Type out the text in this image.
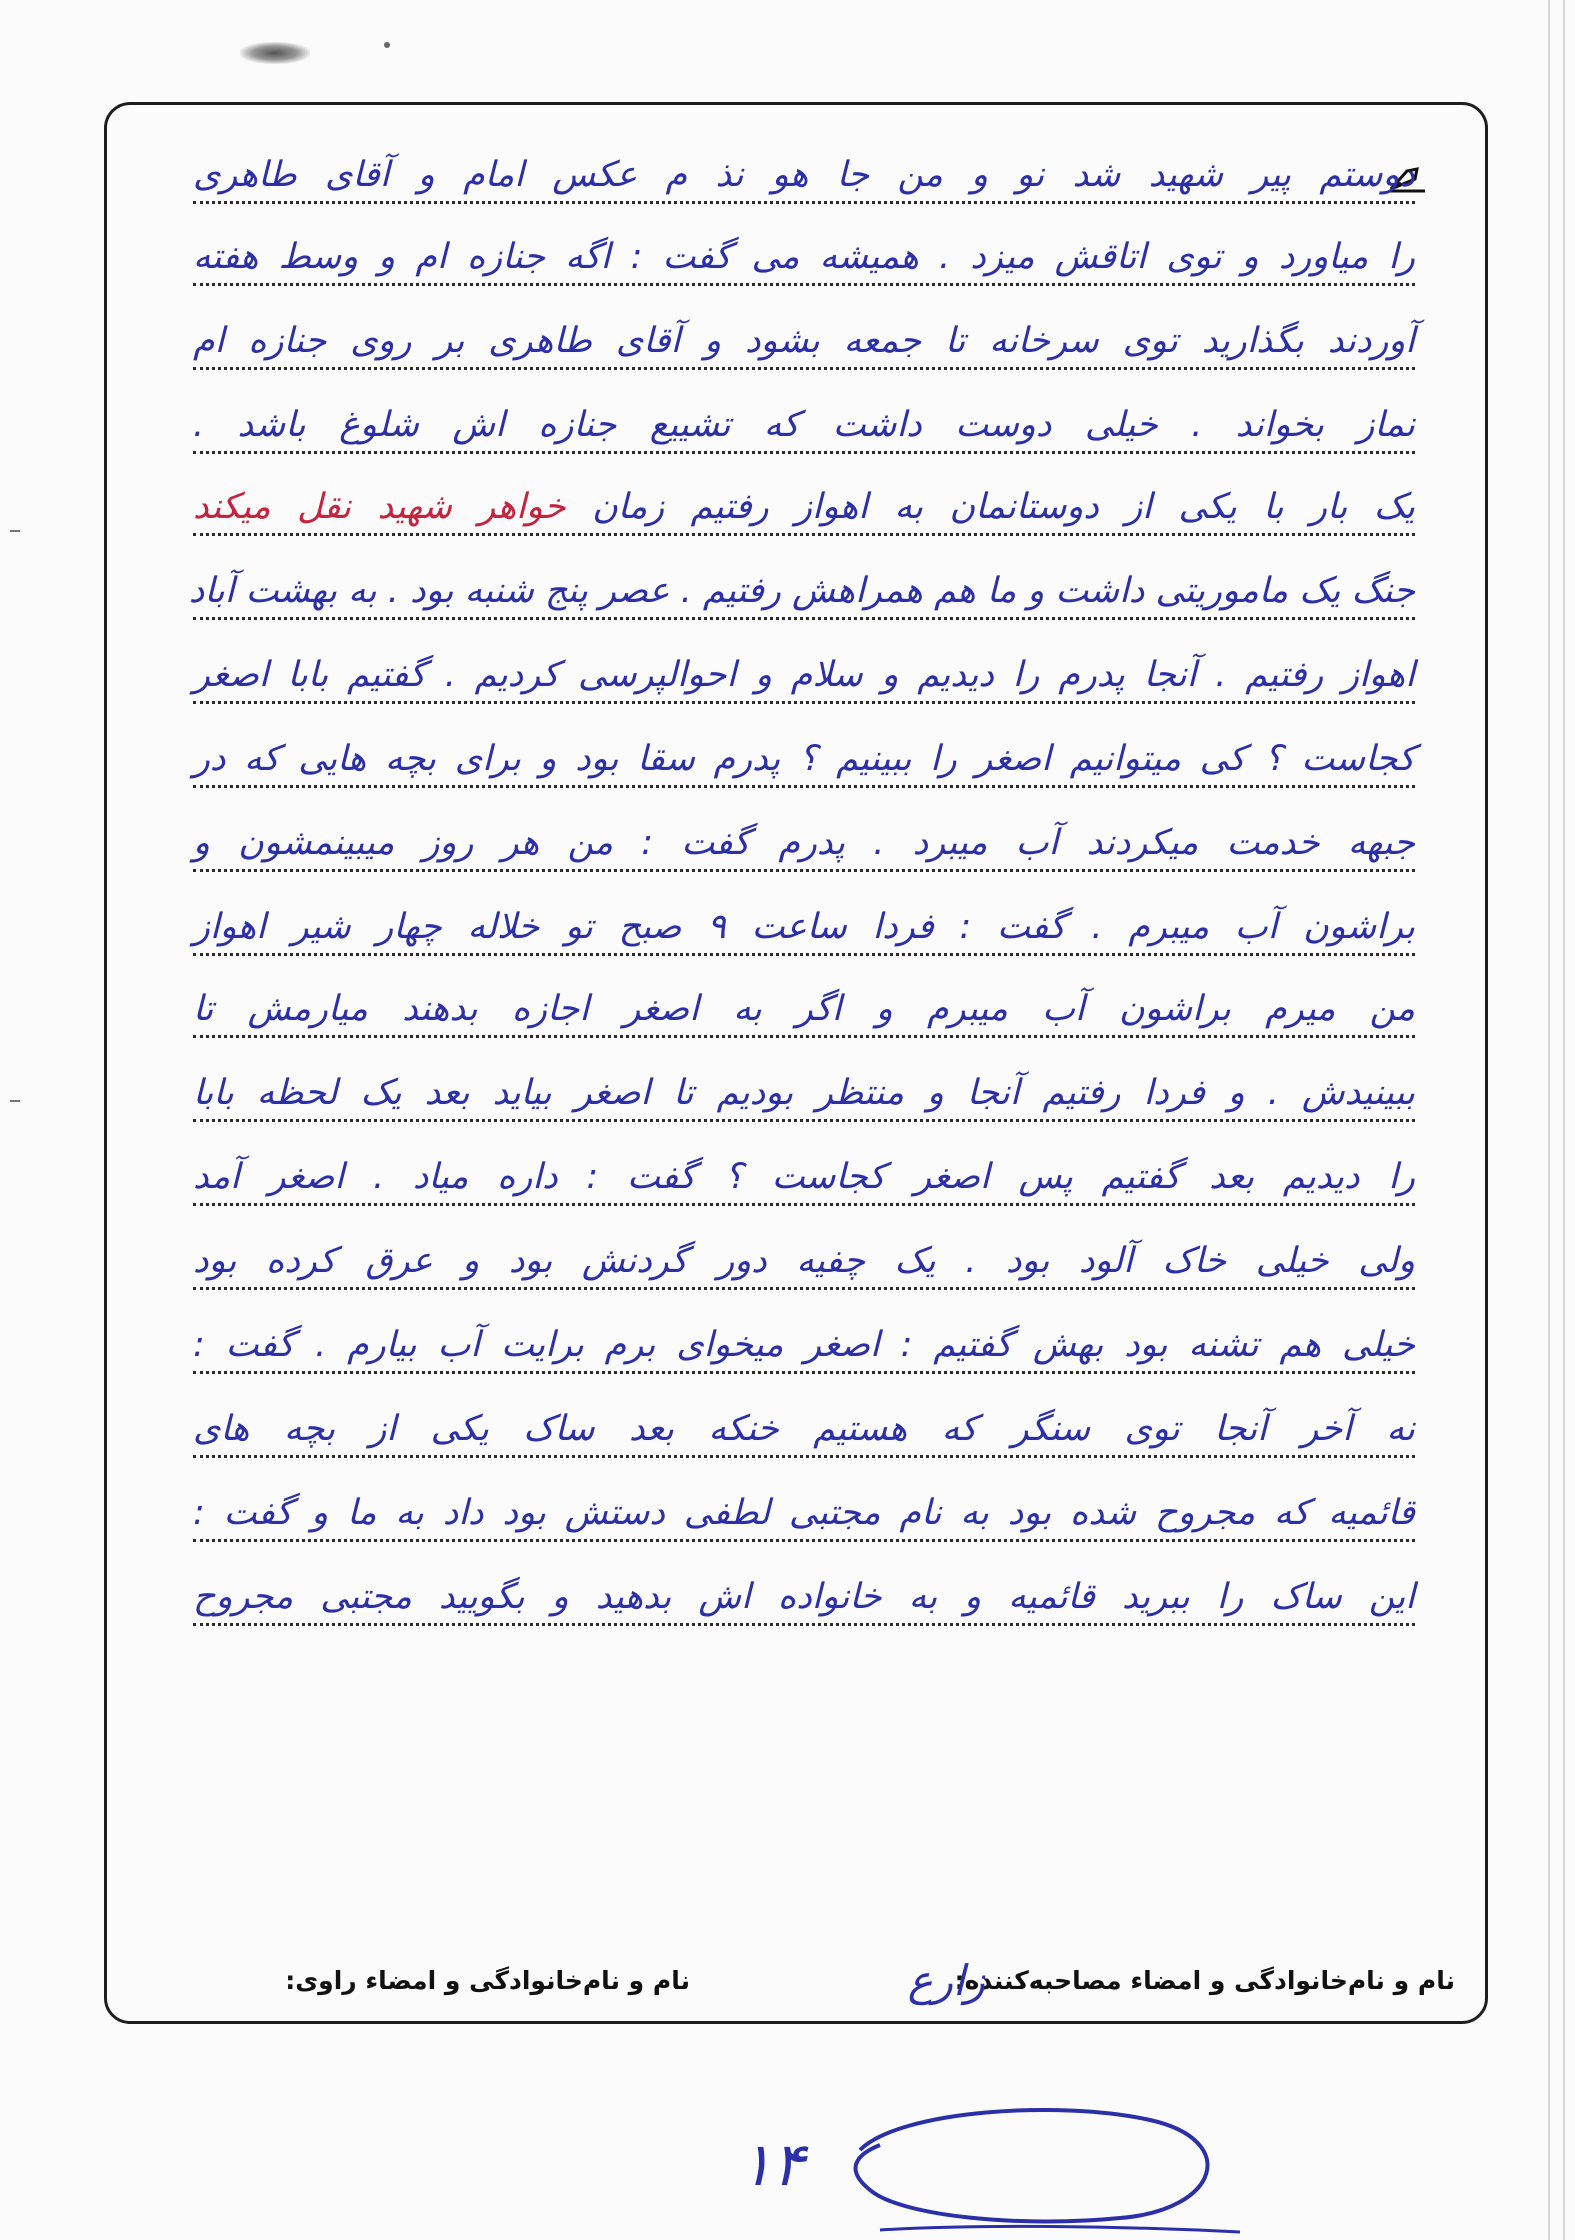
دوستم پیر شهید شد نو و من جا هو نذ م عکس امام و آقای طاهری
را میاورد و توی اتاقش میزد . همیشه می گفت : اگه جنازه ام و وسط هفته
آوردند بگذارید توی سرخانه تا جمعه بشود و آقای طاهری بر روی جنازه ام
نماز بخواند . خیلی دوست داشت که تشییع جنازه اش شلوغ باشد .
یک بار با یکی از دوستانمان به اهواز رفتیم زمان خواهر شهید نقل میکند
جنگ یک ماموریتی داشت و ما هم همراهش رفتیم . عصر پنج شنبه بود . به بهشت آباد
اهواز رفتیم . آنجا پدرم را دیدیم و سلام و احوالپرسی کردیم . گفتیم بابا اصغر
کجاست ؟ کی میتوانیم اصغر را ببینیم ؟ پدرم سقا بود و برای بچه هایی که در
جبهه خدمت میکردند آب میبرد . پدرم گفت : من هر روز میبینمشون و
براشون آب میبرم . گفت : فردا ساعت ۹ صبح تو خلاله چهار شیر اهواز
من میرم براشون آب میبرم و اگر به اصغر اجازه بدهند میارمش تا
ببینیدش . و فردا رفتیم آنجا و منتظر بودیم تا اصغر بیاید بعد یک لحظه بابا
را دیدیم بعد گفتیم پس اصغر کجاست ؟ گفت : داره میاد . اصغر آمد
ولی خیلی خاک آلود بود . یک چفیه دور گردنش بود و عرق کرده بود
خیلی هم تشنه بود بهش گفتیم : اصغر میخوای برم برایت آب بیارم . گفت :
نه آخر آنجا توی سنگر که هستیم خنکه بعد ساک یکی از بچه های
قائمیه که مجروح شده بود به نام مجتبی لطفی دستش بود داد به ما و گفت :
این ساک را ببرید قائمیه و به خانواده اش بدهید و بگویید مجتبی مجروح
نام و نام‌خانوادگی و امضاء مصاحبه‌کننده:
زارع
نام و نام‌خانوادگی و امضاء راوی:
۱۴
